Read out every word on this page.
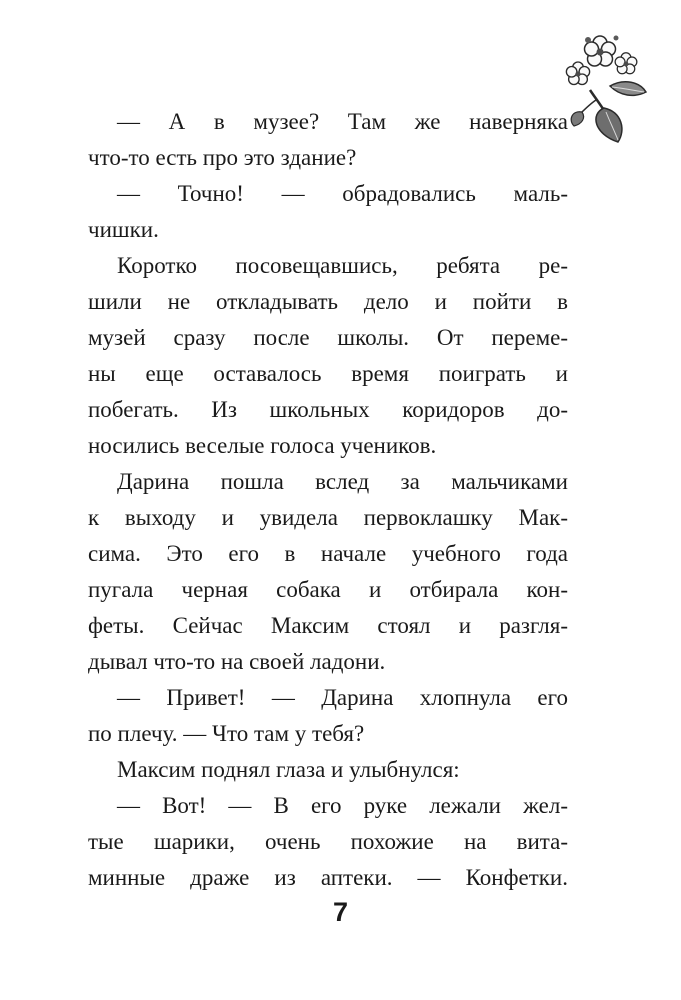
— А в музее? Там же наверняка
что-то есть про это здание?
— Точно! — обрадовались маль-
чишки.
Коротко посовещавшись, ребята ре-
шили не откладывать дело и пойти в
музей сразу после школы. От переме-
ны еще оставалось время поиграть и
побегать. Из школьных коридоров до-
носились веселые голоса учеников.
Дарина пошла вслед за мальчиками
к выходу и увидела первоклашку Мак-
сима. Это его в начале учебного года
пугала черная собака и отбирала кон-
феты. Сейчас Максим стоял и разгля-
дывал что-то на своей ладони.
— Привет! — Дарина хлопнула его
по плечу. — Что там у тебя?
Максим поднял глаза и улыбнулся:
— Вот! — В его руке лежали жел-
тые шарики, очень похожие на вита-
минные драже из аптеки. — Конфетки.
7
